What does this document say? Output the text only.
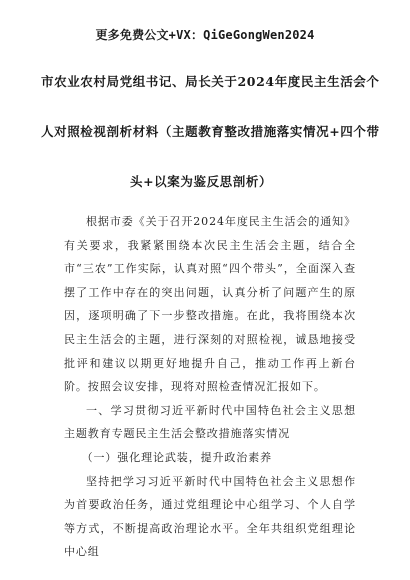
更多免费公文+VX：QiGeGongWen2024
市农业农村局党组书记、局长关于2024年度民主生活会个
人对照检视剖析材料（主题教育整改措施落实情况+四个带
头+以案为鉴反思剖析）

根据市委《关于召开2024年度民主生活会的通知》有关要求，我紧紧围绕本次民主生活会主题，结合全市“三农”工作实际，认真对照“四个带头”，全面深入查摆了工作中存在的突出问题，认真分析了问题产生的原因，逐项明确了下一步整改措施。在此，我将围绕本次民主生活会的主题，进行深刻的对照检视，诚恳地接受批评和建议以期更好地提升自己，推动工作再上新台阶。按照会议安排，现将对照检查情况汇报如下。

一、学习贯彻习近平新时代中国特色社会主义思想主题教育专题民主生活会整改措施落实情况

（一）强化理论武装，提升政治素养

坚持把学习习近平新时代中国特色社会主义思想作为首要政治任务，通过党组理论中心组学习、个人自学等方式，不断提高政治理论水平。全年共组织党组理论中心组
